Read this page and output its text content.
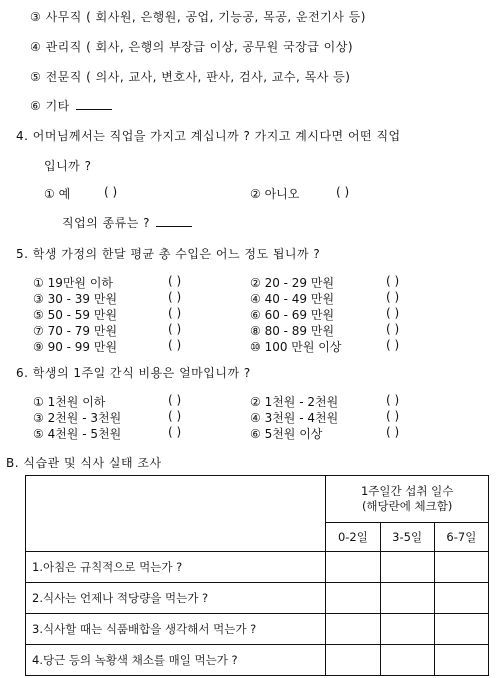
③ 사무직 ( 회사원, 은행원, 공업, 기능공, 목공, 운전기사 등)
④ 관리직 ( 회사, 은행의 부장급 이상, 공무원 국장급 이상)
⑤ 전문직 ( 의사, 교사, 변호사, 판사, 검사, 교수, 목사 등)
⑥ 기타
4. 어머님께서는 직업을 가지고 계십니까 ? 가지고 계시다면 어떤 직업
입니까 ?
① 예	( )	② 아니오	( )
직업의 종류는 ?
5. 학생 가정의 한달 평균 총 수입은 어느 정도 됩니까 ?
① 19만원 이하	( )	② 20 - 29 만원	( )
③ 30 - 39 만원	( )	④ 40 - 49 만원	( )
⑤ 50 - 59 만원	( )	⑥ 60 - 69 만원	( )
⑦ 70 - 79 만원	( )	⑧ 80 - 89 만원	( )
⑨ 90 - 99 만원	( )	⑩ 100 만원 이상	( )
6. 학생의 1주일 간식 비용은 얼마입니까 ?
① 1천원 이하	( )	② 1천원 - 2천원	( )
③ 2천원 - 3천원	( )	④ 3천원 - 4천원	( )
⑤ 4천원 - 5천원	( )	⑥ 5천원 이상	( )
B. 식습관 및 식사 실태 조사

	1주일간 섭취 일수
(해당란에 체크함)		

	0-2일	3-5일	6-7일
1.아침은 규칙적으로 먹는가 ?			
2.식사는 언제나 적당량을 먹는가 ?			
3.식사할 때는 식품배합을 생각해서 먹는가 ?			
4.당근 등의 녹황색 채소를 매일 먹는가 ?			
